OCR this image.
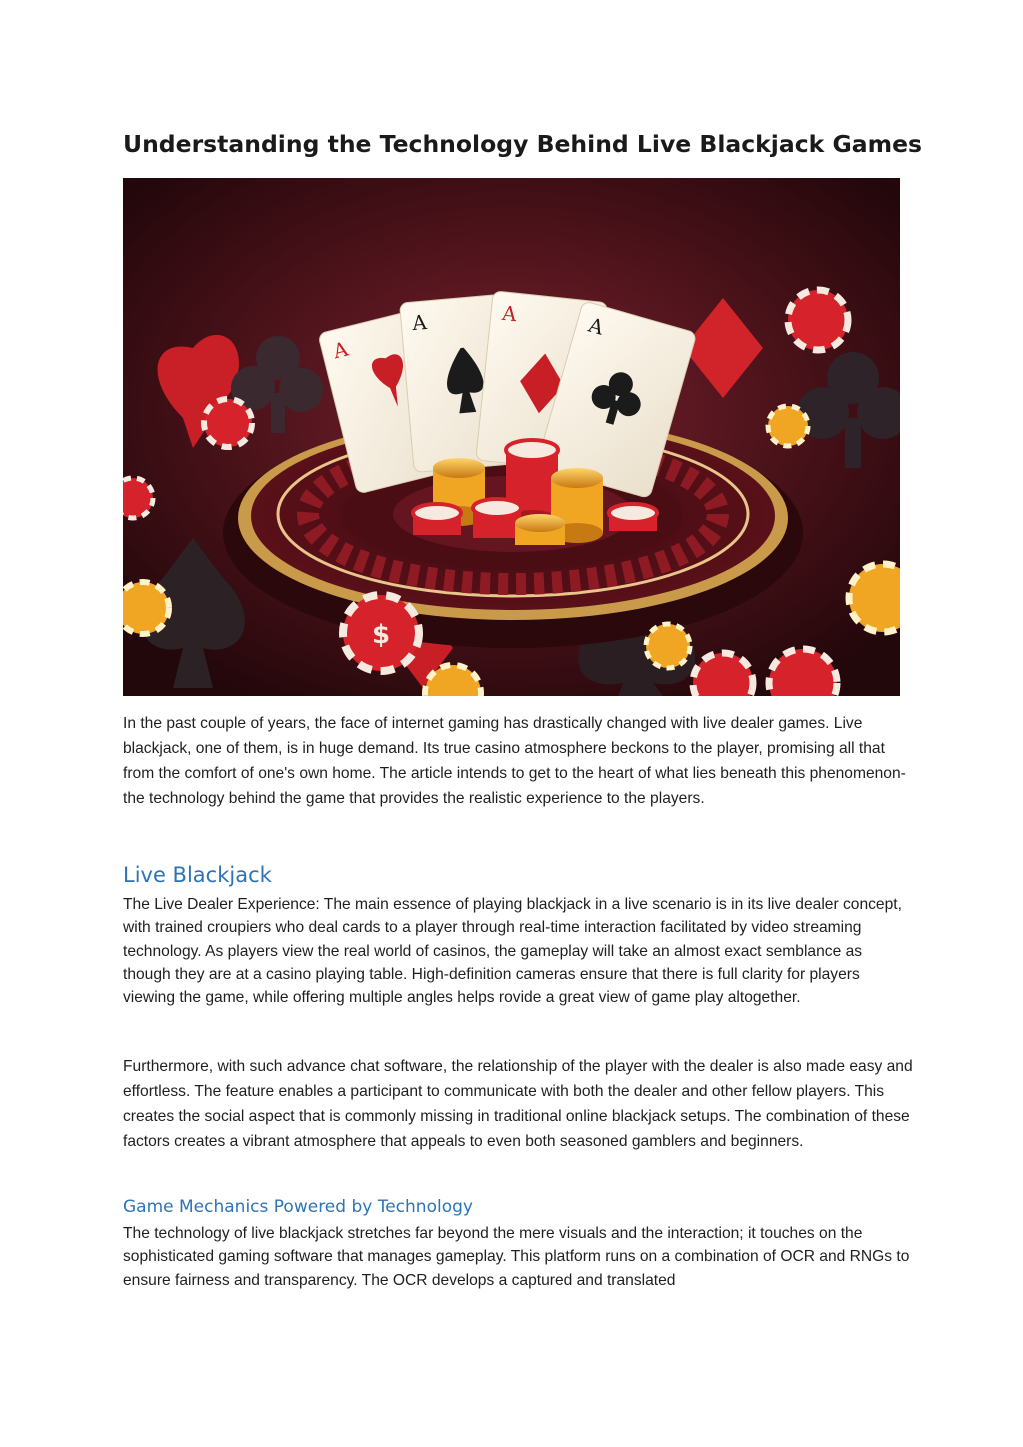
Understanding the Technology Behind Live Blackjack Games
A
A	A	A
$

In the past couple of years, the face of internet gaming has drastically changed with live dealer games. Live blackjack, one of them, is in huge demand. Its true casino atmosphere beckons to the player, promising all that from the comfort of one's own home. The article intends to get to the heart of what lies beneath this phenomenon-the technology behind the game that provides the realistic experience to the players.

Live Blackjack

The Live Dealer Experience: The main essence of playing blackjack in a live scenario is in its live dealer concept, with trained croupiers who deal cards to a player through real-time interaction facilitated by video streaming technology. As players view the real world of casinos, the gameplay will take an almost exact semblance as though they are at a casino playing table. High-definition cameras ensure that there is full clarity for players viewing the game, while offering multiple angles helps rovide a great view of game play altogether.

Furthermore, with such advance chat software, the relationship of the player with the dealer is also made easy and effortless. The feature enables a participant to communicate with both the dealer and other fellow players. This creates the social aspect that is commonly missing in traditional online blackjack setups. The combination of these factors creates a vibrant atmosphere that appeals to even both seasoned gamblers and beginners.

Game Mechanics Powered by Technology

The technology of live blackjack stretches far beyond the mere visuals and the interaction; it touches on the sophisticated gaming software that manages gameplay. This platform runs on a combination of OCR and RNGs to ensure fairness and transparency. The OCR develops a captured and translated
